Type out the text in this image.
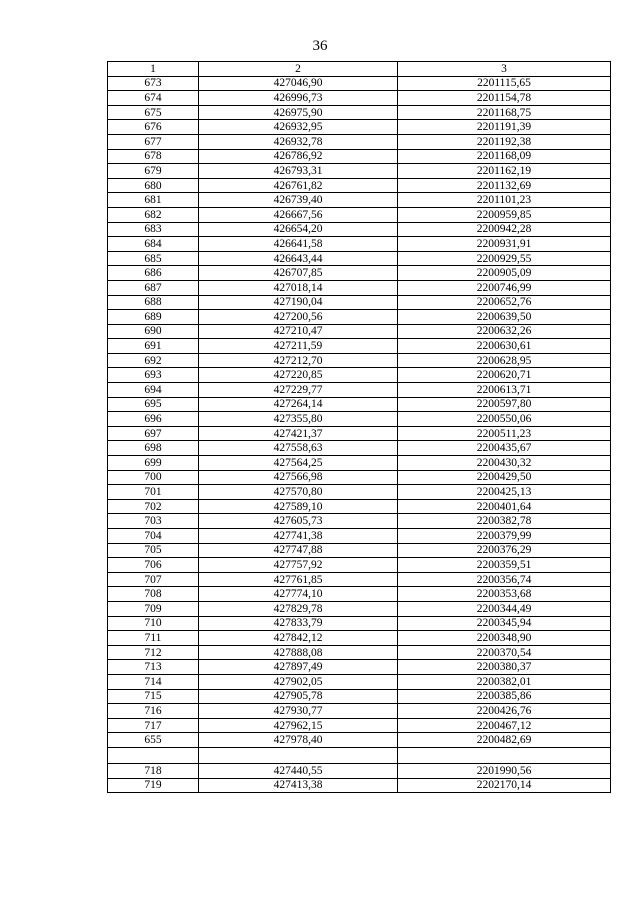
36
1	2	3
673	427046,90	2201115,65
674	426996,73	2201154,78
675	426975,90	2201168,75
676	426932,95	2201191,39
677	426932,78	2201192,38
678	426786,92	2201168,09
679	426793,31	2201162,19
680	426761,82	2201132,69
681	426739,40	2201101,23
682	426667,56	2200959,85
683	426654,20	2200942,28
684	426641,58	2200931,91
685	426643,44	2200929,55
686	426707,85	2200905,09
687	427018,14	2200746,99
688	427190,04	2200652,76
689	427200,56	2200639,50
690	427210,47	2200632,26
691	427211,59	2200630,61
692	427212,70	2200628,95
693	427220,85	2200620,71
694	427229,77	2200613,71
695	427264,14	2200597,80
696	427355,80	2200550,06
697	427421,37	2200511,23
698	427558,63	2200435,67
699	427564,25	2200430,32
700	427566,98	2200429,50
701	427570,80	2200425,13
702	427589,10	2200401,64
703	427605,73	2200382,78
704	427741,38	2200379,99
705	427747,88	2200376,29
706	427757,92	2200359,51
707	427761,85	2200356,74
708	427774,10	2200353,68
709	427829,78	2200344,49
710	427833,79	2200345,94
711	427842,12	2200348,90
712	427888,08	2200370,54
713	427897,49	2200380,37
714	427902,05	2200382,01
715	427905,78	2200385,86
716	427930,77	2200426,76
717	427962,15	2200467,12
655	427978,40	2200482,69

718	427440,55	2201990,56
719	427413,38	2202170,14
